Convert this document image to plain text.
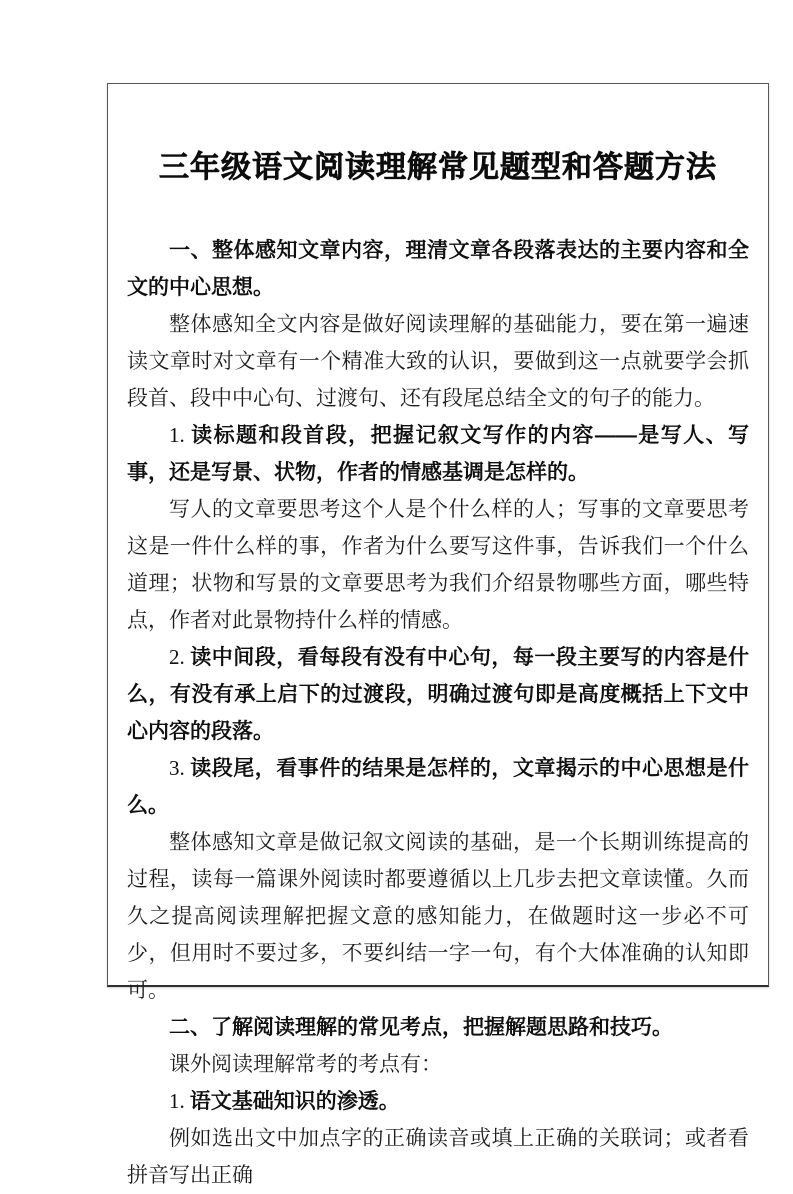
三年级语文阅读理解常见题型和答题方法

一、整体感知文章内容，理清文章各段落表达的主要内容和全文的中心思想。

整体感知全文内容是做好阅读理解的基础能力，要在第一遍速读文章时对文章有一个精准大致的认识，要做到这一点就要学会抓段首、段中中心句、过渡句、还有段尾总结全文的句子的能力。

1. 读标题和段首段，把握记叙文写作的内容——是写人、写事，还是写景、状物，作者的情感基调是怎样的。

写人的文章要思考这个人是个什么样的人；写事的文章要思考这是一件什么样的事，作者为什么要写这件事，告诉我们一个什么道理；状物和写景的文章要思考为我们介绍景物哪些方面，哪些特点，作者对此景物持什么样的情感。

2. 读中间段，看每段有没有中心句，每一段主要写的内容是什么，有没有承上启下的过渡段，明确过渡句即是高度概括上下文中心内容的段落。

3. 读段尾，看事件的结果是怎样的，文章揭示的中心思想是什么。

整体感知文章是做记叙文阅读的基础，是一个长期训练提高的过程，读每一篇课外阅读时都要遵循以上几步去把文章读懂。久而久之提高阅读理解把握文意的感知能力，在做题时这一步必不可少，但用时不要过多，不要纠结一字一句，有个大体准确的认知即可。

二、了解阅读理解的常见考点，把握解题思路和技巧。

课外阅读理解常考的考点有：

1. 语文基础知识的渗透。

例如选出文中加点字的正确读音或填上正确的关联词；或者看拼音写出正确
